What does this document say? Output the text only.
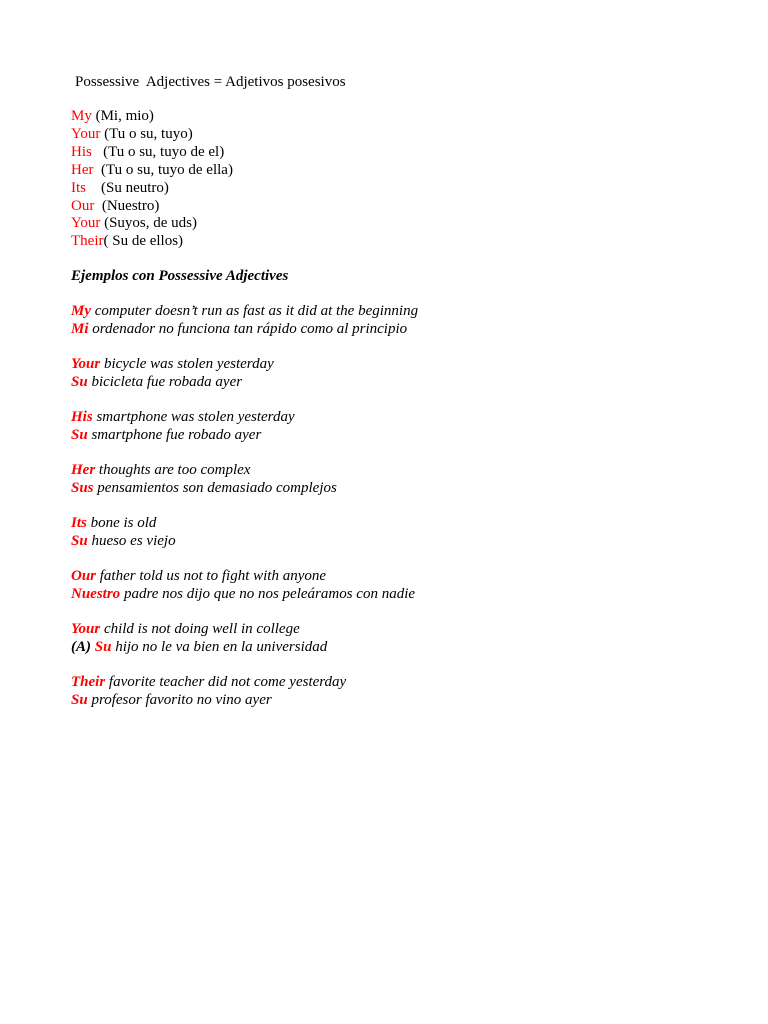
Possessive  Adjectives = Adjetivos posesivos
My (Mi, mio)
Your (Tu o su, tuyo)
His   (Tu o su, tuyo de el)
Her  (Tu o su, tuyo de ella)
Its    (Su neutro)
Our  (Nuestro)
Your (Suyos, de uds)
Their( Su de ellos)
Ejemplos con Possessive Adjectives
My computer doesn’t run as fast as it did at the beginning
Mi ordenador no funciona tan rápido como al principio
Your bicycle was stolen yesterday
Su bicicleta fue robada ayer
His smartphone was stolen yesterday
Su smartphone fue robado ayer
Her thoughts are too complex
Sus pensamientos son demasiado complejos
Its bone is old
Su hueso es viejo
Our father told us not to fight with anyone
Nuestro padre nos dijo que no nos peleáramos con nadie
Your child is not doing well in college
(A) Su hijo no le va bien en la universidad
Their favorite teacher did not come yesterday
Su profesor favorito no vino ayer
